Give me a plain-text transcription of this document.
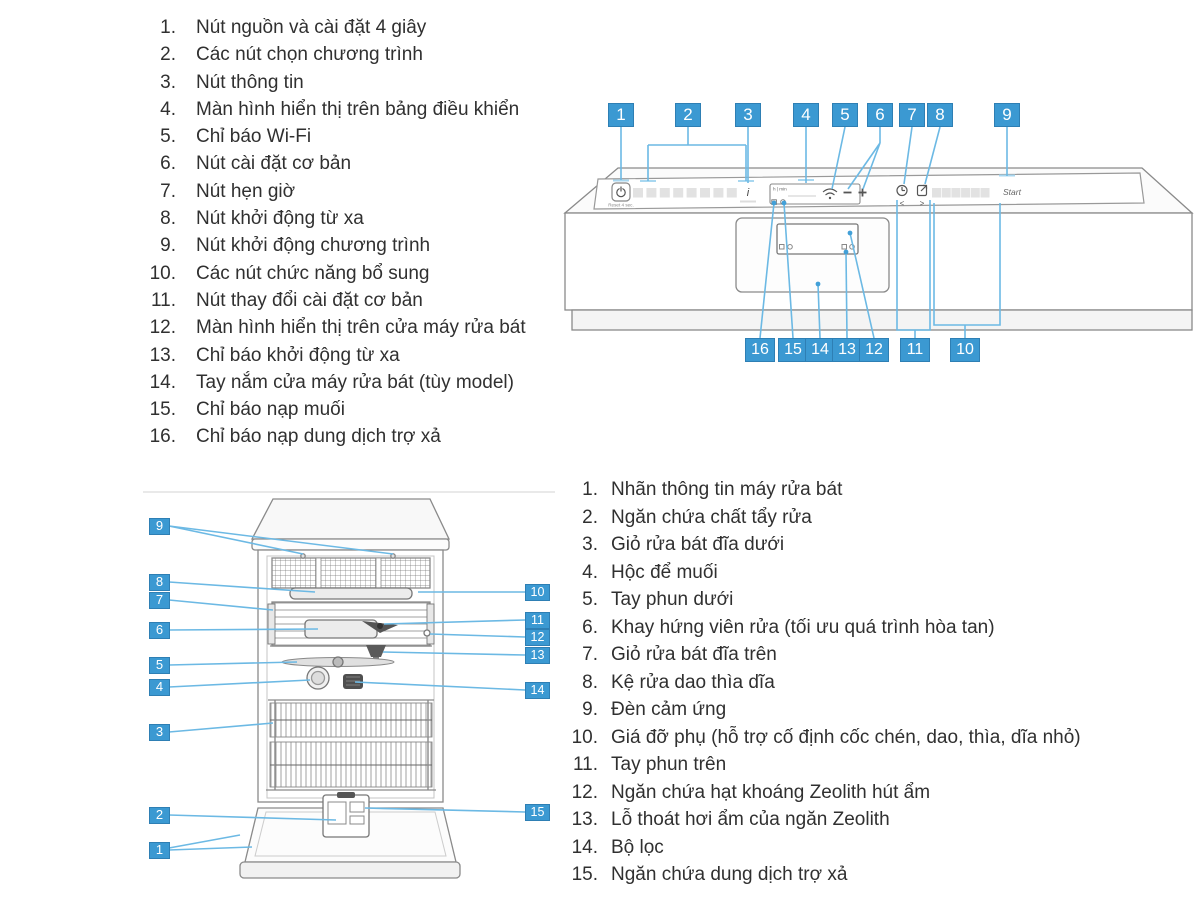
1. Nút nguồn và cài đặt 4 giây
2. Các nút chọn chương trình
3. Nút thông tin
4. Màn hình hiển thị trên bảng điều khiển
5. Chỉ báo Wi-Fi
6. Nút cài đặt cơ bản
7. Nút hẹn giờ
8. Nút khởi động từ xa
9. Nút khởi động chương trình
10. Các nút chức năng bổ sung
11. Nút thay đổi cài đặt cơ bản
12. Màn hình hiển thị trên cửa máy rửa bát
13. Chỉ báo khởi động từ xa
14. Tay nắm cửa máy rửa bát (tùy model)
15. Chỉ báo nạp muối
16. Chỉ báo nạp dung dịch trợ xả
1. Nhãn thông tin máy rửa bát
2. Ngăn chứa chất tẩy rửa
3. Giỏ rửa bát đĩa dưới
4. Hộc để muối
5. Tay phun dưới
6. Khay hứng viên rửa (tối ưu quá trình hòa tan)
7. Giỏ rửa bát đĩa trên
8. Kệ rửa dao thìa dĩa
9. Đèn cảm ứng
10. Giá đỡ phụ (hỗ trợ cố định cốc chén, dao, thìa, dĩa nhỏ)
11. Tay phun trên
12. Ngăn chứa hạt khoáng Zeolith hút ẩm
13. Lỗ thoát hơi ẩm của ngăn Zeolith
14. Bộ lọc
15. Ngăn chứa dung dịch trợ xả
Reset 4 sec.
i	h | min
< >
Start
1	2	3	4	5	6	7	8	9
16 15 14 13 12	11	10
9
8
7
6
5
4
3
2
1
10
11
12
13
14
15
